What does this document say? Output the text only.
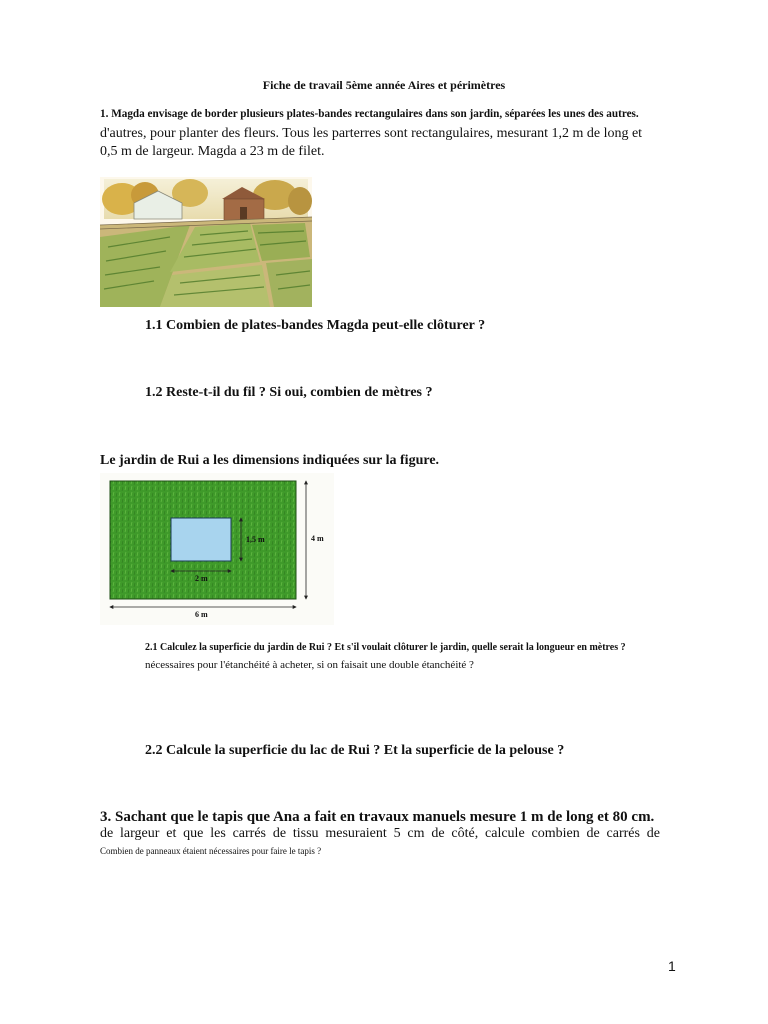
Fiche de travail 5ème année Aires et périmètres
1. Magda envisage de border plusieurs plates-bandes rectangulaires dans son jardin, séparées les unes des autres.
d'autres, pour planter des fleurs. Tous les parterres sont rectangulaires, mesurant 1,2 m de long et
0,5 m de largeur. Magda a 23 m de filet.
1.1 Combien de plates-bandes Magda peut-elle clôturer ?
1.2 Reste-t-il du fil ? Si oui, combien de mètres ?
Le jardin de Rui a les dimensions indiquées sur la figure.
1,5 m
2 m
4 m
6 m
2.1 Calculez la superficie du jardin de Rui ? Et s'il voulait clôturer le jardin, quelle serait la longueur en mètres ?
nécessaires pour l'étanchéité à acheter, si on faisait une double étanchéité ?
2.2 Calcule la superficie du lac de Rui ? Et la superficie de la pelouse ?
3. Sachant que le tapis que Ana a fait en travaux manuels mesure 1 m de long et 80 cm.
de largeur et que les carrés de tissu mesuraient 5 cm de côté, calcule combien de carrés de
Combien de panneaux étaient nécessaires pour faire le tapis ?
1
